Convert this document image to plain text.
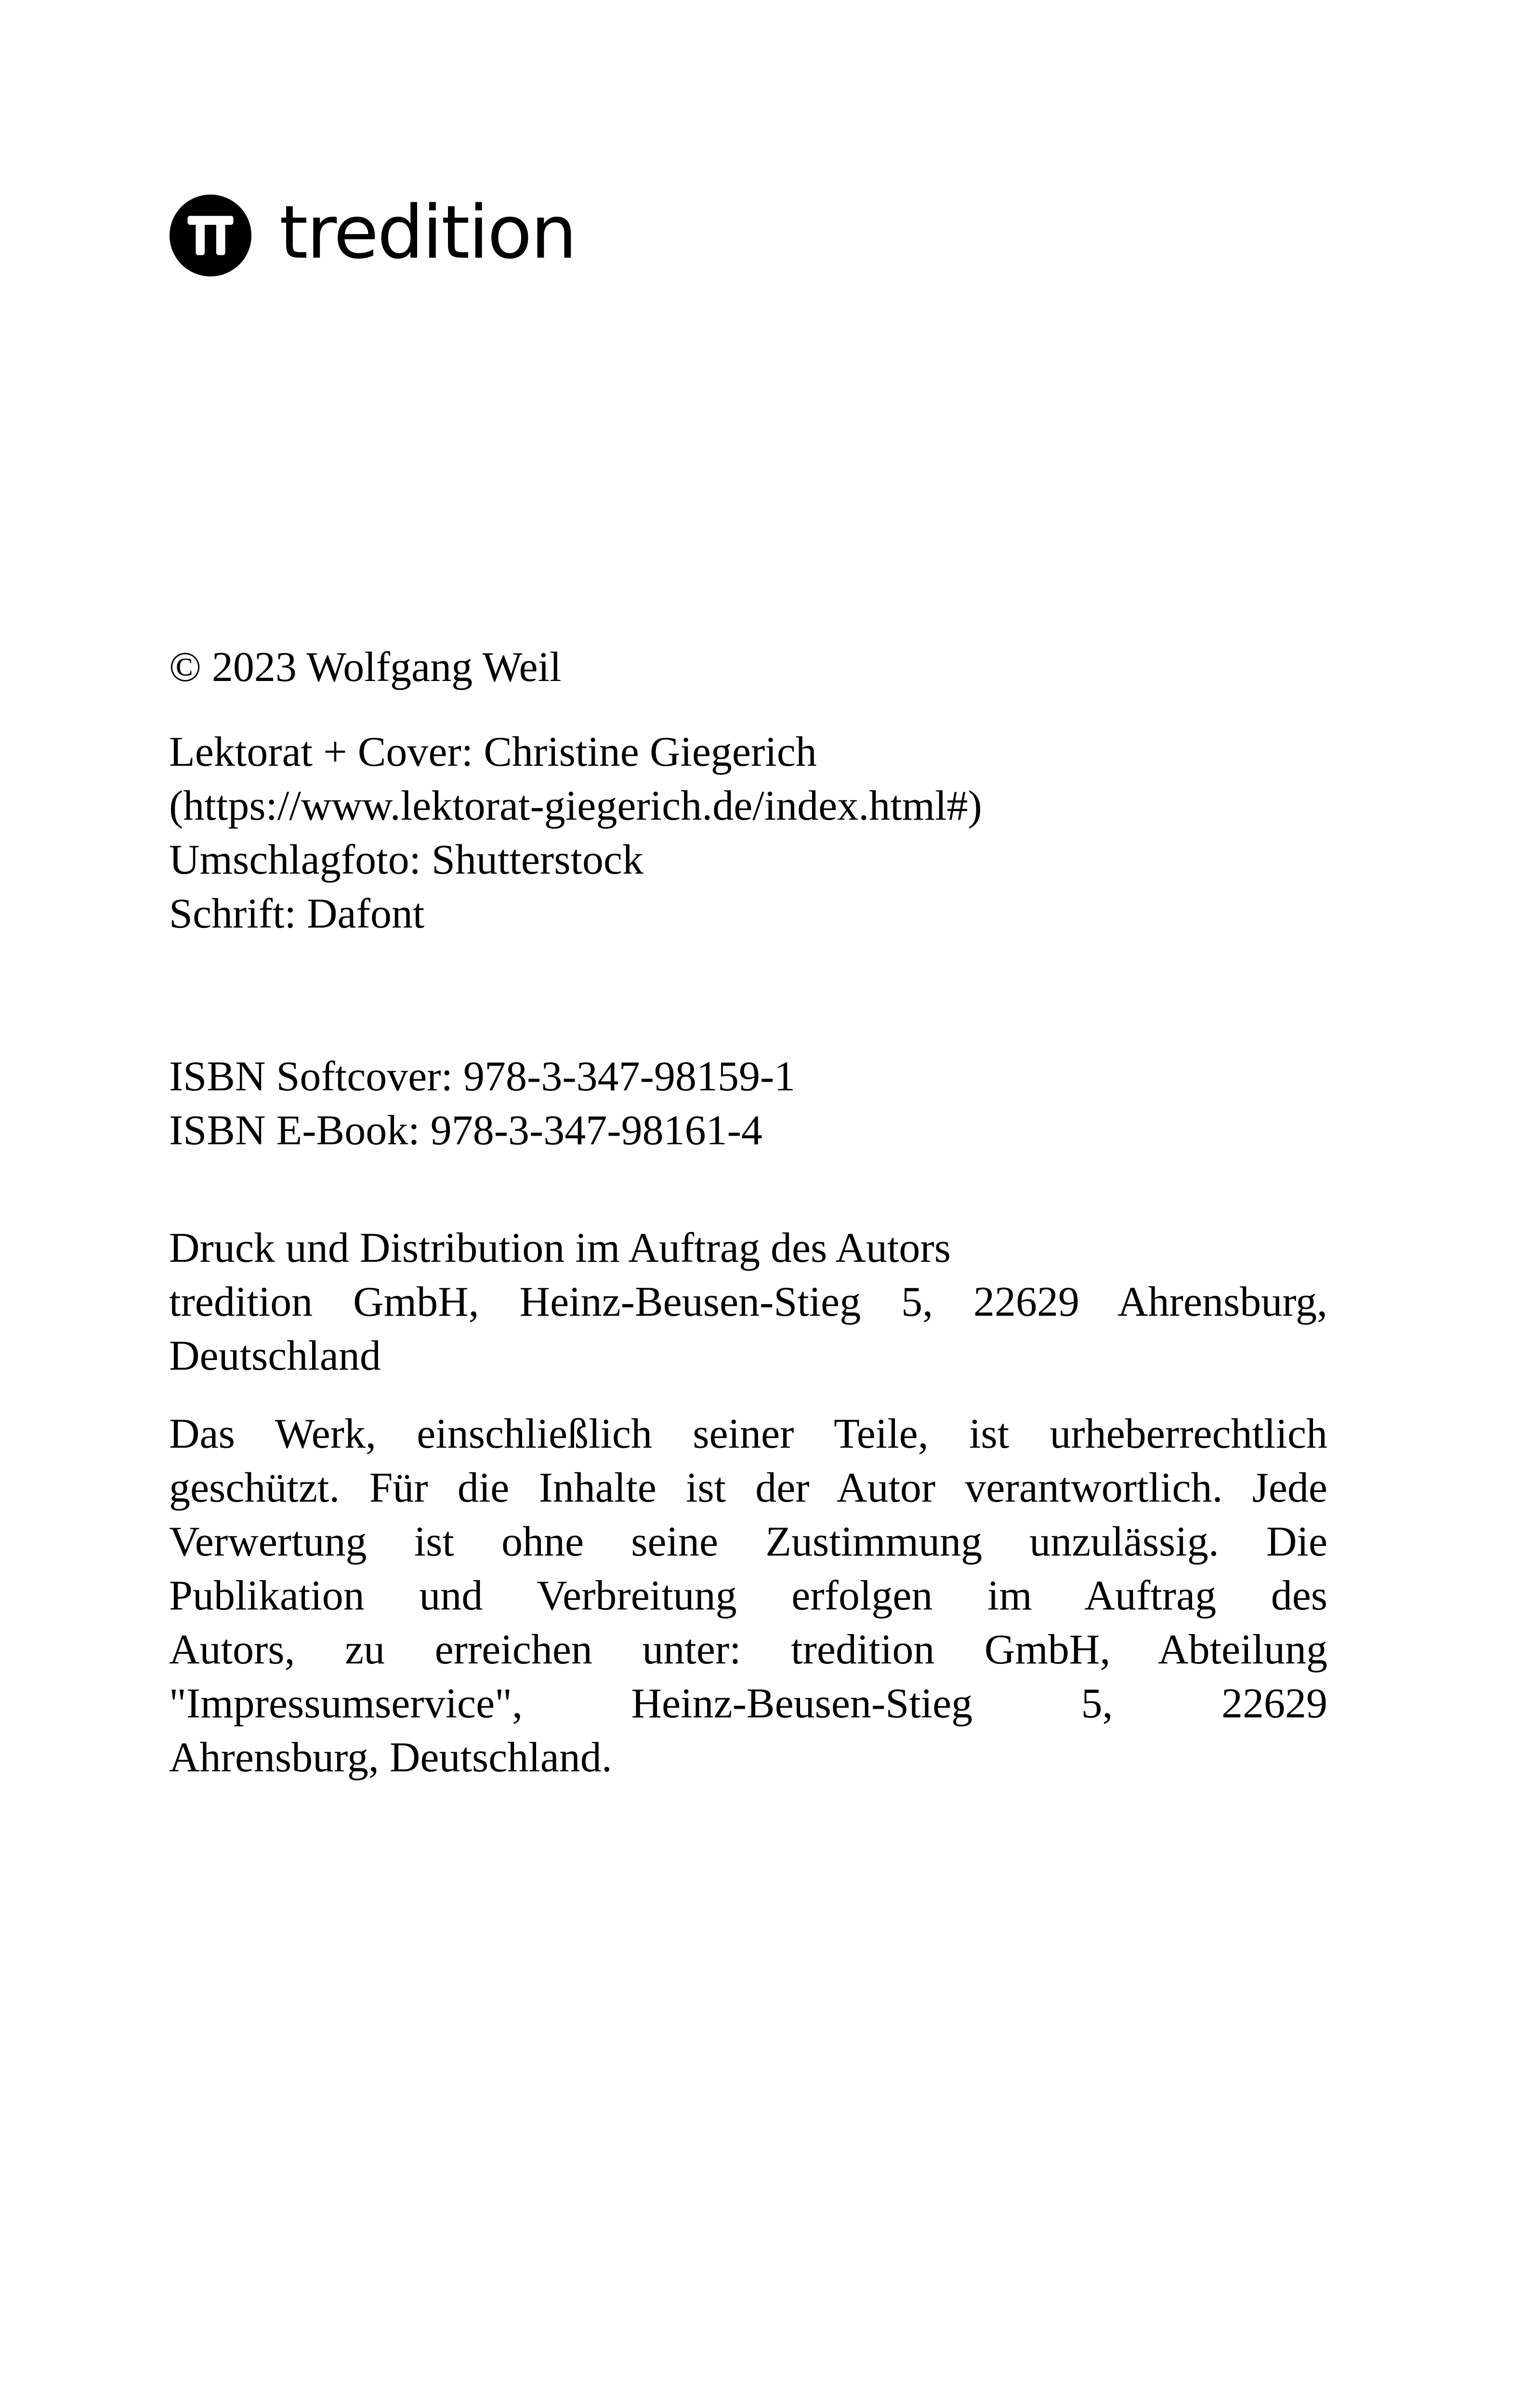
tredition
© 2023 Wolfgang Weil
Lektorat + Cover: Christine Giegerich
(https://www.lektorat-giegerich.de/index.html#)
Umschlagfoto: Shutterstock
Schrift: Dafont
ISBN Softcover: 978-3-347-98159-1
ISBN E-Book: 978-3-347-98161-4
Druck und Distribution im Auftrag des Autors
tredition GmbH, Heinz-Beusen-Stieg 5, 22629 Ahrensburg,
Deutschland
Das Werk, einschließlich seiner Teile, ist urheberrechtlich
geschützt. Für die Inhalte ist der Autor verantwortlich. Jede
Verwertung ist ohne seine Zustimmung unzulässig. Die
Publikation und Verbreitung erfolgen im Auftrag des
Autors, zu erreichen unter: tredition GmbH, Abteilung
"Impressumservice", Heinz-Beusen-Stieg 5, 22629
Ahrensburg, Deutschland.
